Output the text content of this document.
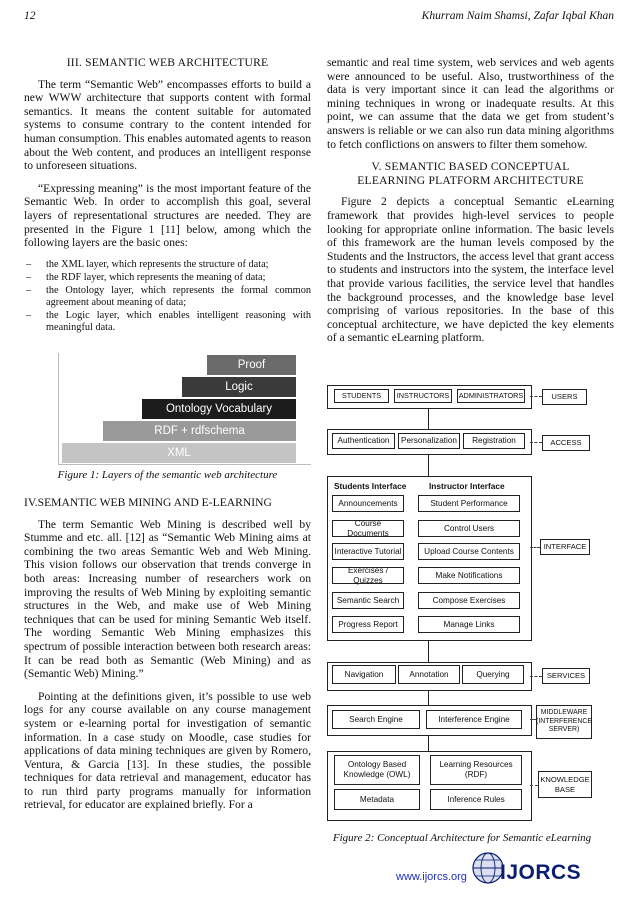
12	Khurram Naim Shamsi, Zafar Iqbal Khan
III. SEMANTIC WEB ARCHITECTURE

The term “Semantic Web” encompasses efforts to build a new WWW architecture that supports content with formal semantics. It means the content suitable for automated systems to consume contrary to the content intended for human consumption. This enables automated agents to reason about the Web content, and produces an intelligent response to unforeseen situations.

“Expressing meaning” is the most important feature of the Semantic Web. In order to accomplish this goal, several layers of representational structures are needed. They are presented in the Figure 1 [11] below, among which the following layers are the basic ones:

– the XML layer, which represents the structure of data;
– the RDF layer, which represents the meaning of data;
– the Ontology layer, which represents the formal common agreement about meaning of data;
– the Logic layer, which enables intelligent reasoning with meaningful data.
Proof
Logic
Ontology Vocabulary
RDF + rdfschema
XML
Figure 1: Layers of the semantic web architecture
IV.SEMANTIC WEB MINING AND E-LEARNING

The term Semantic Web Mining is described well by Stumme and etc. all. [12] as “Semantic Web Mining aims at combining the two areas Semantic Web and Web Mining. This vision follows our observation that trends converge in both areas: Increasing number of researchers work on improving the results of Web Mining by exploiting semantic structures in the Web, and make use of Web Mining techniques that can be used for mining Semantic Web itself. The wording Semantic Web Mining emphasizes this spectrum of possible interaction between both research areas: It can be read both as Semantic (Web Mining) and as (Semantic Web) Mining.”

Pointing at the definitions given, it’s possible to use web logs for any course available on any course management system or e-learning portal for investigation of semantic information. In a case study on Moodle, case studies for applications of data mining techniques are given by Romero, Ventura, & Garcia [13]. In these studies, the possible techniques for data retrieval and management, educator has to run third party programs manually for information retrieval, for educator are explained briefly. For a

semantic and real time system, web services and web agents were announced to be useful. Also, trustworthiness of the data is very important since it can lead the algorithms or mining techniques in wrong or inadequate results. At this point, we can assume that the data we get from student’s answers is reliable or we can also run data mining algorithms to fetch conflictions on answers to filter them somehow.

V. SEMANTIC BASED CONCEPTUAL
ELEARNING PLATFORM ARCHITECTURE

Figure 2 depicts a conceptual Semantic eLearning framework that provides high-level services to people looking for appropriate online information. The basic levels of this framework are the human levels composed by the Students and the Instructors, the access level that grant access to students and instructors into the system, the interface level that provide various facilities, the service level that handles the background processes, and the knowledge base level comprising of various repositories. In the base of this conceptual architecture, we have depicted the key elements of a semantic eLearning platform.

STUDENTS	INSTRUCTORS	ADMINISTRATORS
Authentication	Personalization	Registration
Students Interface	Instructor Interface
Announcements
Course Documents
Interactive Tutorial
Exercises / Quizzes
Semantic Search
Progress Report
Student Performance
Control Users
Upload Course Contents
Make Notifications
Compose Exercises
Manage Links
Navigation	Annotation	Querying
Search Engine	Interference Engine
Ontology Based Knowledge (OWL)
Learning Resources (RDF)
Metadata	Inference Rules
USERS
ACCESS
INTERFACE
SERVICES
MIDDLEWARE (INTERFERENCE SERVER)
KNOWLEDGE BASE
Figure 2: Conceptual Architecture for Semantic eLearning
www.ijorcs.org IJORCS
